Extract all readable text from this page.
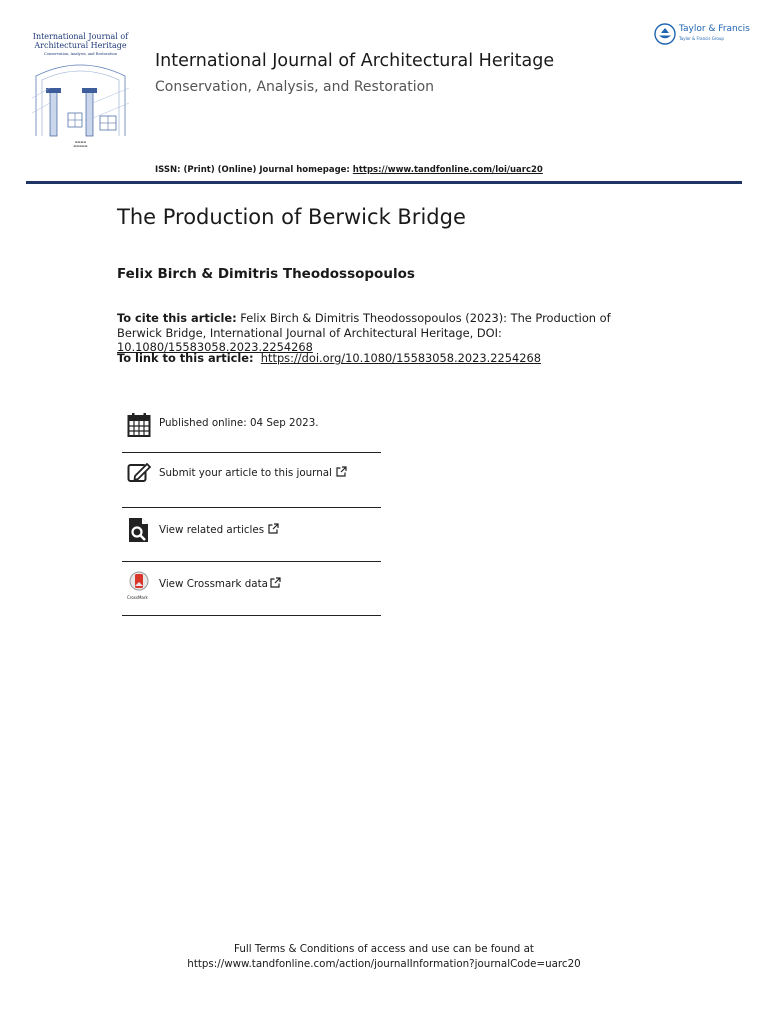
International Journal of Architectural Heritage
Conservation, Analysis, and Restoration
▬▬▬▬
▬▬▬▬▬
International Journal of Architectural Heritage
Conservation, Analysis, and Restoration
Taylor & Francis
Taylor & Francis Group
ISSN: (Print) (Online) Journal homepage: https://www.tandfonline.com/loi/uarc20
The Production of Berwick Bridge
Felix Birch & Dimitris Theodossopoulos
To cite this article: Felix Birch & Dimitris Theodossopoulos (2023): The Production of Berwick Bridge, International Journal of Architectural Heritage, DOI: 10.1080/15583058.2023.2254268
To link to this article: https://doi.org/10.1080/15583058.2023.2254268
Published online: 04 Sep 2023.
Submit your article to this journal
View related articles
CrossMark
View Crossmark data
Full Terms & Conditions of access and use can be found at
https://www.tandfonline.com/action/journalInformation?journalCode=uarc20
